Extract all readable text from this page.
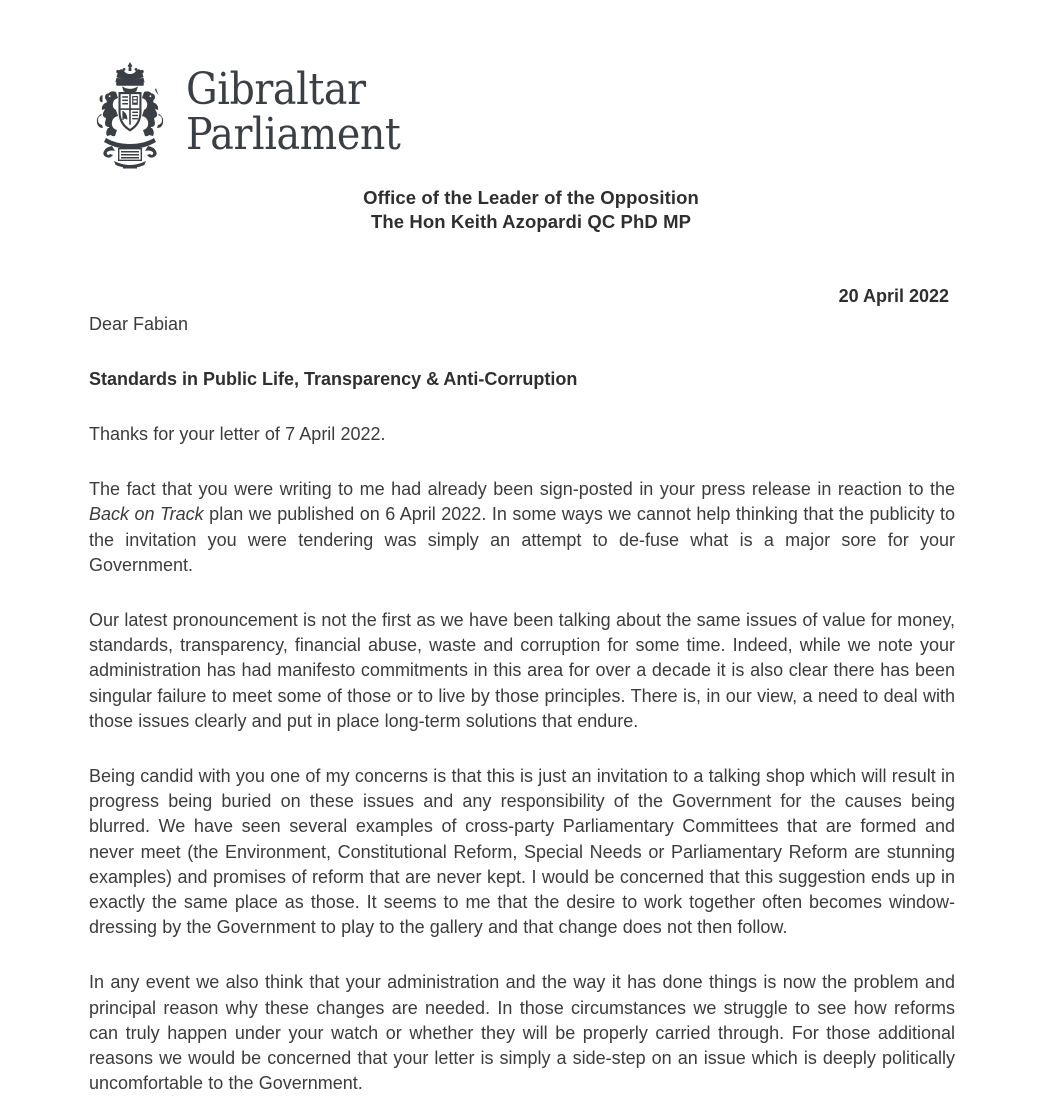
Gibraltar
Parliament
Office of the Leader of the Opposition
The Hon Keith Azopardi QC PhD MP
20 April 2022

Dear Fabian

Standards in Public Life, Transparency & Anti-Corruption

Thanks for your letter of 7 April 2022.

The fact that you were writing to me had already been sign-posted in your press release in reaction to the Back on Track plan we published on 6 April 2022. In some ways we cannot help thinking that the publicity to the invitation you were tendering was simply an attempt to de-fuse what is a major sore for your Government.

Our latest pronouncement is not the first as we have been talking about the same issues of value for money, standards, transparency, financial abuse, waste and corruption for some time. Indeed, while we note your administration has had manifesto commitments in this area for over a decade it is also clear there has been singular failure to meet some of those or to live by those principles. There is, in our view, a need to deal with those issues clearly and put in place long-term solutions that endure.

Being candid with you one of my concerns is that this is just an invitation to a talking shop which will result in progress being buried on these issues and any responsibility of the Government for the causes being blurred. We have seen several examples of cross-party Parliamentary Committees that are formed and never meet (the Environment, Constitutional Reform, Special Needs or Parliamentary Reform are stunning examples) and promises of reform that are never kept. I would be concerned that this suggestion ends up in exactly the same place as those. It seems to me that the desire to work together often becomes window-dressing by the Government to play to the gallery and that change does not then follow.

In any event we also think that your administration and the way it has done things is now the problem and principal reason why these changes are needed. In those circumstances we struggle to see how reforms can truly happen under your watch or whether they will be properly carried through. For those additional reasons we would be concerned that your letter is simply a side-step on an issue which is deeply politically uncomfortable to the Government.
